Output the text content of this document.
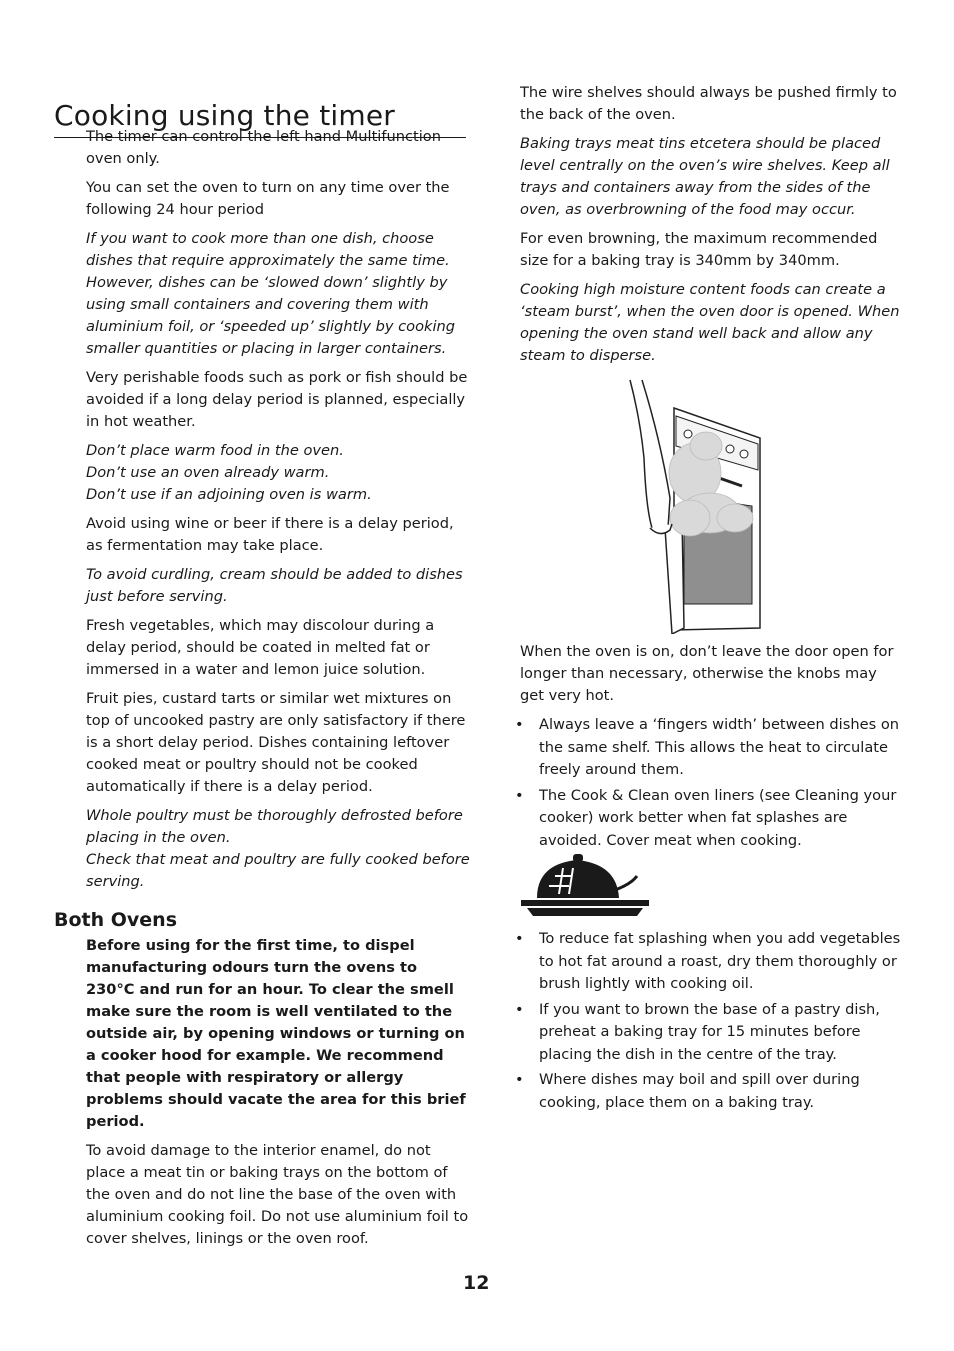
Cooking using the timer

The timer can control the left hand Multifunction oven only.

You can set the oven to turn on any time over the following 24 hour period

If you want to cook more than one dish, choose dishes that require approximately the same time. However, dishes can be ‘slowed down’ slightly by using small containers and covering them with aluminium foil, or ‘speeded up’ slightly by cooking smaller quantities or placing in larger containers.

Very perishable foods such as pork or fish should be avoided if a long delay period is planned, especially in hot weather.

Don’t place warm food in the oven.

Don’t use an oven already warm.

Don’t use if an adjoining oven is warm.

Avoid using wine or beer if there is a delay period, as fermentation may take place.

To avoid curdling, cream should be added to dishes just before serving.

Fresh vegetables, which may discolour during a delay period, should be coated in melted fat or immersed in a water and lemon juice solution.

Fruit pies, custard tarts or similar wet mixtures on top of uncooked pastry are only satisfactory if there is a short delay period. Dishes containing leftover cooked meat or poultry should not be cooked automatically if there is a delay period.

Whole poultry must be thoroughly defrosted before placing in the oven.

Check that meat and poultry are fully cooked before serving.

Both Ovens

Before using for the first time, to dispel manufacturing odours turn the ovens to 230°C and run for an hour. To clear the smell make sure the room is well ventilated to the outside air, by opening windows or turning on a cooker hood for example. We recommend that people with respiratory or allergy problems should vacate the area for this brief period.

To avoid damage to the interior enamel, do not place a meat tin or baking trays on the bottom of the oven and do not line the base of the oven with aluminium cooking foil. Do not use aluminium foil to cover shelves, linings or the oven roof.

The wire shelves should always be pushed firmly to the back of the oven.

Baking trays meat tins etcetera should be placed level centrally on the oven’s wire shelves. Keep all trays and containers away from the sides of the oven, as overbrowning of the food may occur.

For even browning, the maximum recommended size for a baking tray is 340mm by 340mm.

Cooking high moisture content foods can create a ‘steam burst’, when the oven door is opened. When opening the oven stand well back and allow any steam to disperse.

When the oven is on, don’t leave the door open for longer than necessary, otherwise the knobs may get very hot.

• Always leave a ‘fingers width’ between dishes on the same shelf. This allows the heat to circulate freely around them.
• The Cook & Clean oven liners (see Cleaning your cooker) work better when fat splashes are avoided. Cover meat when cooking.
• To reduce fat splashing when you add vegetables to hot fat around a roast, dry them thoroughly or brush lightly with cooking oil.
• If you want to brown the base of a pastry dish, preheat a baking tray for 15 minutes before placing the dish in the centre of the tray.
• Where dishes may boil and spill over during cooking, place them on a baking tray.
12
